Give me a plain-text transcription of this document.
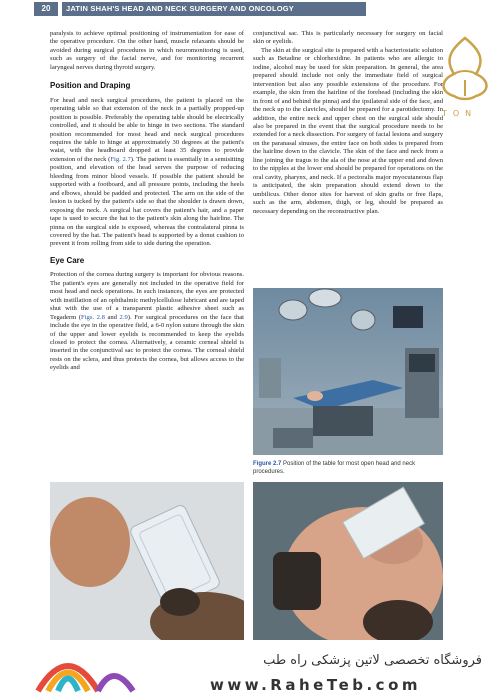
20	JATIN SHAH'S HEAD AND NECK SURGERY AND ONCOLOGY

paralysis to achieve optimal positioning of instrumentation for ease of the operative procedure. On the other hand, muscle relaxants should be avoided during surgical procedures in which neuromonitoring is used, such as surgery of the facial nerve, and for monitoring recurrent laryngeal nerves during thyroid surgery.

Position and Draping

For head and neck surgical procedures, the patient is placed on the operating table so that extension of the neck in a partially propped-up position is possible. Preferably the operating table should be electrically controlled, and it should be able to hinge in two sections. The standard position recommended for most head and neck surgical procedures requires the table to hinge at approximately 30 degrees at the patient's waist, with the headboard dropped at least 35 degrees to provide extension of the neck (Fig. 2.7). The patient is essentially in a semisitting position, and elevation of the head serves the purpose of reducing bleeding from minor blood vessels. If possible the patient should be supported with a footboard, and all pressure points, including the heels and elbows, should be padded and protected. The arm on the side of the lesion is tucked by the patient's side so that the shoulder is drawn down, exposing the neck. A surgical hat covers the patient's hair, and a paper tape is used to secure the hat to the patient's skin along the hairline. The pinna on the surgical side is exposed, whereas the contralateral pinna is covered by the hat. The patient's head is supported by a donut cushion to prevent it from rolling from side to side during the operation.

Eye Care

Protection of the cornea during surgery is important for obvious reasons. The patient's eyes are generally not included in the operative field for most head and neck operations. In such instances, the eyes are protected with instillation of an ophthalmic methylcellulose lubricant and are taped shut with the use of a transparent plastic adhesive sheet such as Tegaderm (Figs. 2.8 and 2.9). For surgical procedures on the face that include the eye in the operative field, a 6-0 nylon suture through the skin of the upper and lower eyelids is recommended to keep the eyelids closed to protect the cornea. Alternatively, a ceramic corneal shield is inserted in the conjunctival sac to protect the cornea. The corneal shield rests on the sclera, and thus protects the cornea, but allows access to the eyelids and

conjunctival sac. This is particularly necessary for surgery on facial skin or eyelids.

The skin at the surgical site is prepared with a bacteriostatic solution such as Betadine or chlorhexidine. In patients who are allergic to iodine, alcohol may be used for skin preparation. In general, the area prepared should include not only the immediate field of surgical intervention but also any possible extensions of the procedure. For example, the skin from the hairline of the forehead (including the skin in front of and behind the pinna) and the ipsilateral side of the face, and the neck up to the clavicles, should be prepared for a parotidectomy. In addition, the entire neck and upper chest on the surgical side should also be prepared in the event that the surgical procedure needs to be extended for a neck dissection. For surgery of facial lesions and surgery on the paranasal sinuses, the entire face on both sides is prepared from the hairline down to the clavicle. The skin of the face and neck from a line joining the tragus to the ala of the nose at the upper end and down to the nipples at the lower end should be prepared for operations on the oral cavity, pharynx, and neck. If a pectoralis major myocutaneous flap is anticipated, the skin preparation should extend down to the umbilicus. Other donor sites for harvest of skin grafts or free flaps, such as the arm, abdomen, thigh, or leg, should be prepared as necessary depending on the reconstructive plan.

Figure 2.7 Position of the table for most open head and neck procedures.
TON
فروشگاه تخصصی لاتین پزشکی راه طب
www.RaheTeb.com
